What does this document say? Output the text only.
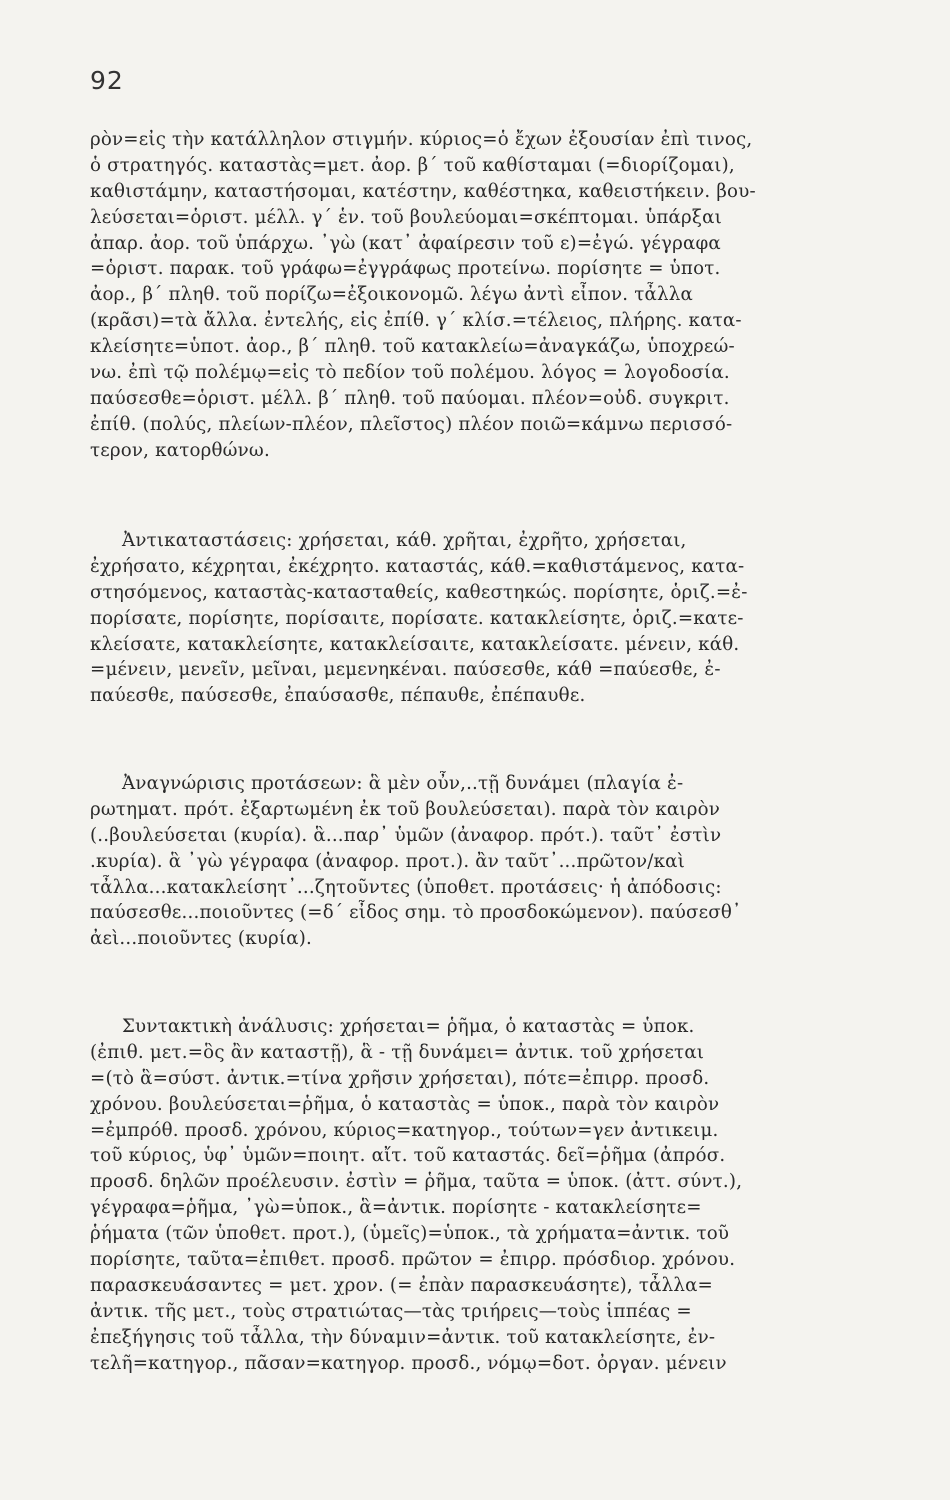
92
ρὸν=εἰς τὴν κατάλληλον στιγμήν. κύριος=ὁ ἔχων ἐξουσίαν ἐπὶ τινος,
ὁ στρατηγός. καταστὰς=μετ. ἀορ. β΄ τοῦ καθίσταμαι (=διορίζομαι),
καθιστάμην, καταστήσομαι, κατέστην, καθέστηκα, καθειστήκειν. βου-
λεύσεται=ὁριστ. μέλλ. γ΄ ἑν. τοῦ βουλεύομαι=σκέπτομαι. ὑπάρξαι
ἀπαρ. ἀορ. τοῦ ὑπάρχω. ᾿γὼ (κατ᾿ ἀφαίρεσιν τοῦ ε)=ἐγώ. γέγραφα
=ὁριστ. παρακ. τοῦ γράφω=ἐγγράφως προτείνω. πορίσητε = ὑποτ.
ἀορ., β΄ πληθ. τοῦ πορίζω=ἐξοικονομῶ. λέγω ἀντὶ εἶπον. τἆλλα
(κρᾶσι)=τὰ ἄλλα. ἐντελής, εἰς ἐπίθ. γ΄ κλίσ.=τέλειος, πλήρης. κατα-
κλείσητε=ὑποτ. ἀορ., β΄ πληθ. τοῦ κατακλείω=ἀναγκάζω, ὑποχρεώ-
νω. ἐπὶ τῷ πολέμῳ=εἰς τὸ πεδίον τοῦ πολέμου. λόγος = λογοδοσία.
παύσεσθε=ὁριστ. μέλλ. β΄ πληθ. τοῦ παύομαι. πλέον=οὐδ. συγκριτ.
ἐπίθ. (πολύς, πλείων-πλέον, πλεῖστος) πλέον ποιῶ=κάμνω περισσό-
τερον, κατορθώνω.
Ἀντικαταστάσεις: χρήσεται, κάθ. χρῆται, ἐχρῆτο, χρήσεται,
ἐχρήσατο, κέχρηται, ἐκέχρητο. καταστάς, κάθ.=καθιστάμενος, κατα-
στησόμενος, καταστὰς-κατασταθείς, καθεστηκώς. πορίσητε, ὁριζ.=ἐ-
πορίσατε, πορίσητε, πορίσαιτε, πορίσατε. κατακλείσητε, ὁριζ.=κατε-
κλείσατε, κατακλείσητε, κατακλείσαιτε, κατακλείσατε. μένειν, κάθ.
=μένειν, μενεῖν, μεῖναι, μεμενηκέναι. παύσεσθε, κάθ =παύεσθε, ἐ-
παύεσθε, παύσεσθε, ἐπαύσασθε, πέπαυθε, ἐπέπαυθε.
Ἀναγνώρισις προτάσεων: ἃ μὲν οὖν,..τῇ δυνάμει (πλαγία ἐ-
ρωτηματ. πρότ. ἐξαρτωμένη ἐκ τοῦ βουλεύσεται). παρὰ τὸν καιρὸν
(..βουλεύσεται (κυρία). ἃ...παρ᾿ ὑμῶν (ἀναφορ. πρότ.). ταῦτ᾿ ἐστὶν
.κυρία). ἃ ᾿γὼ γέγραφα (ἀναφορ. προτ.). ἂν ταῦτ᾿...πρῶτον/καὶ
τἆλλα...κατακλείσητ᾿...ζητοῦντες (ὑποθετ. προτάσεις· ἡ ἀπόδοσις:
παύσεσθε...ποιοῦντες (=δ΄ εἶδος σημ. τὸ προσδοκώμενον). παύσεσθ᾿
ἀεὶ...ποιοῦντες (κυρία).
Συντακτικὴ ἀνάλυσις: χρήσεται= ῥῆμα, ὁ καταστὰς = ὑποκ.
(ἐπιθ. μετ.=ὃς ἂν καταστῇ), ἃ - τῇ δυνάμει= ἀντικ. τοῦ χρήσεται
=(τὸ ἃ=σύστ. ἀντικ.=τίνα χρῆσιν χρήσεται), πότε=ἐπιρρ. προσδ.
χρόνου. βουλεύσεται=ῥῆμα, ὁ καταστὰς = ὑποκ., παρὰ τὸν καιρὸν
=ἐμπρόθ. προσδ. χρόνου, κύριος=κατηγορ., τούτων=γεν ἀντικειμ.
τοῦ κύριος, ὑφ᾿ ὑμῶν=ποιητ. αἴτ. τοῦ καταστάς. δεῖ=ῥῆμα (ἀπρόσ.
προσδ. δηλῶν προέλευσιν. ἐστὶν = ῥῆμα, ταῦτα = ὑποκ. (ἀττ. σύντ.),
γέγραφα=ῥῆμα, ᾿γὼ=ὑποκ., ἃ=ἀντικ. πορίσητε - κατακλείσητε=
ῥήματα (τῶν ὑποθετ. προτ.), (ὑμεῖς)=ὑποκ., τὰ χρήματα=ἀντικ. τοῦ
πορίσητε, ταῦτα=ἐπιθετ. προσδ. πρῶτον = ἐπιρρ. πρόσδιορ. χρόνου.
παρασκευάσαντες = μετ. χρον. (= ἐπὰν παρασκευάσητε), τἆλλα=
ἀντικ. τῆς μετ., τοὺς στρατιώτας—τὰς τριήρεις—τοὺς ἱππέας =
ἐπεξήγησις τοῦ τἆλλα, τὴν δύναμιν=ἀντικ. τοῦ κατακλείσητε, ἐν-
τελῆ=κατηγορ., πᾶσαν=κατηγορ. προσδ., νόμῳ=δοτ. ὀργαν. μένειν
